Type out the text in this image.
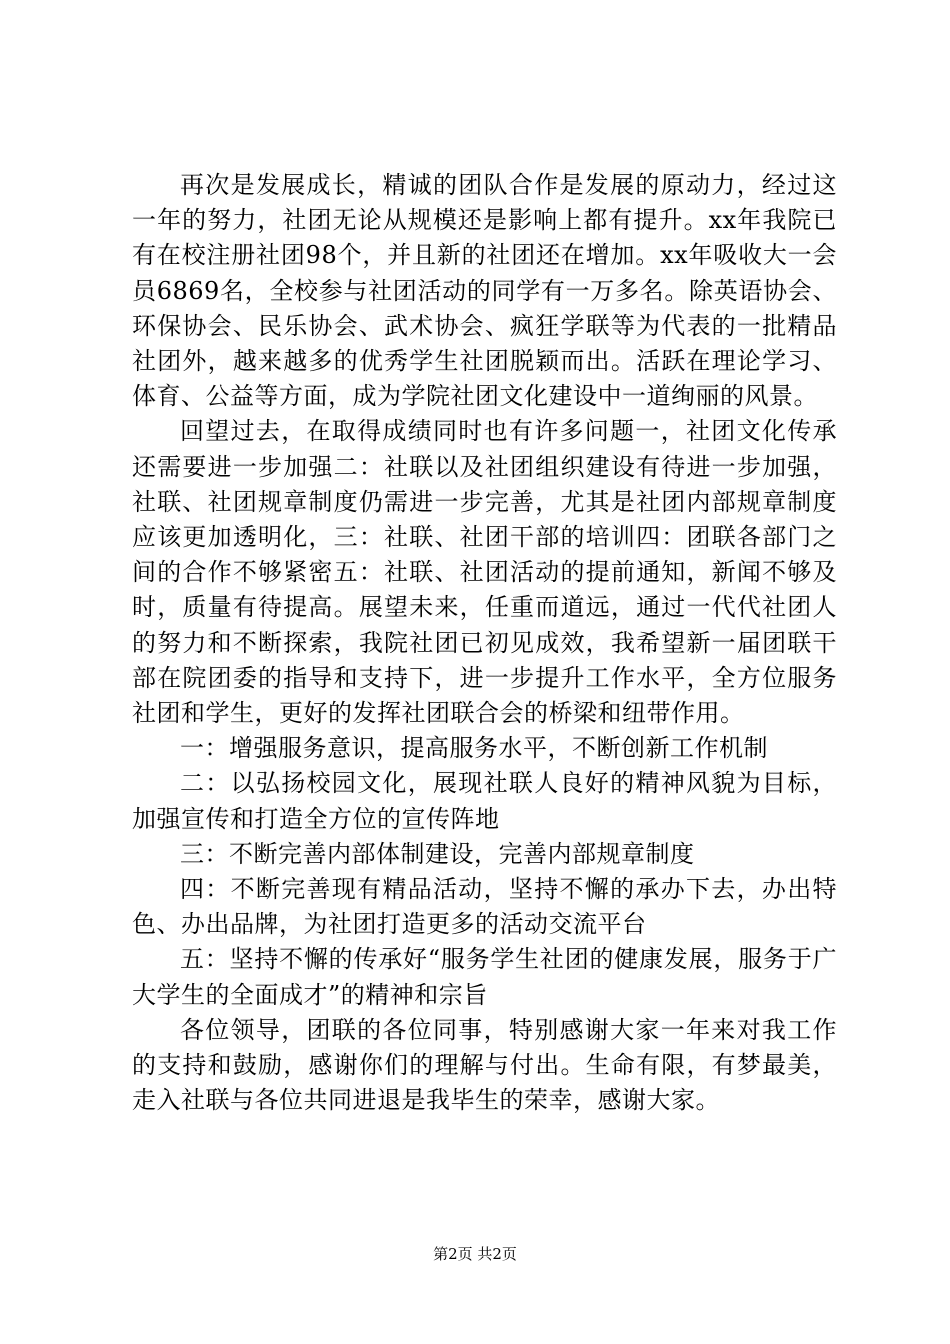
再次是发展成长，精诚的团队合作是发展的原动力，经过这一年的努力，社团无论从规模还是影响上都有提升。xx年我院已有在校注册社团98个，并且新的社团还在增加。xx年吸收大一会员6869名，全校参与社团活动的同学有一万多名。除英语协会、环保协会、民乐协会、武术协会、疯狂学联等为代表的一批精品社团外，越来越多的优秀学生社团脱颖而出。活跃在理论学习、体育、公益等方面，成为学院社团文化建设中一道绚丽的风景。

回望过去，在取得成绩同时也有许多问题一，社团文化传承还需要进一步加强二：社联以及社团组织建设有待进一步加强，社联、社团规章制度仍需进一步完善，尤其是社团内部规章制度应该更加透明化，三：社联、社团干部的培训四：团联各部门之间的合作不够紧密五：社联、社团活动的提前通知，新闻不够及时，质量有待提高。展望未来，任重而道远，通过一代代社团人的努力和不断探索，我院社团已初见成效，我希望新一届团联干部在院团委的指导和支持下，进一步提升工作水平，全方位服务社团和学生，更好的发挥社团联合会的桥梁和纽带作用。

一：增强服务意识，提高服务水平，不断创新工作机制

二：以弘扬校园文化，展现社联人良好的精神风貌为目标，加强宣传和打造全方位的宣传阵地

三：不断完善内部体制建设，完善内部规章制度

四：不断完善现有精品活动，坚持不懈的承办下去，办出特色、办出品牌，为社团打造更多的活动交流平台

五：坚持不懈的传承好“服务学生社团的健康发展，服务于广大学生的全面成才”的精神和宗旨

各位领导，团联的各位同事，特别感谢大家一年来对我工作的支持和鼓励，感谢你们的理解与付出。生命有限，有梦最美，走入社联与各位共同进退是我毕生的荣幸，感谢大家。

第2页 共2页
